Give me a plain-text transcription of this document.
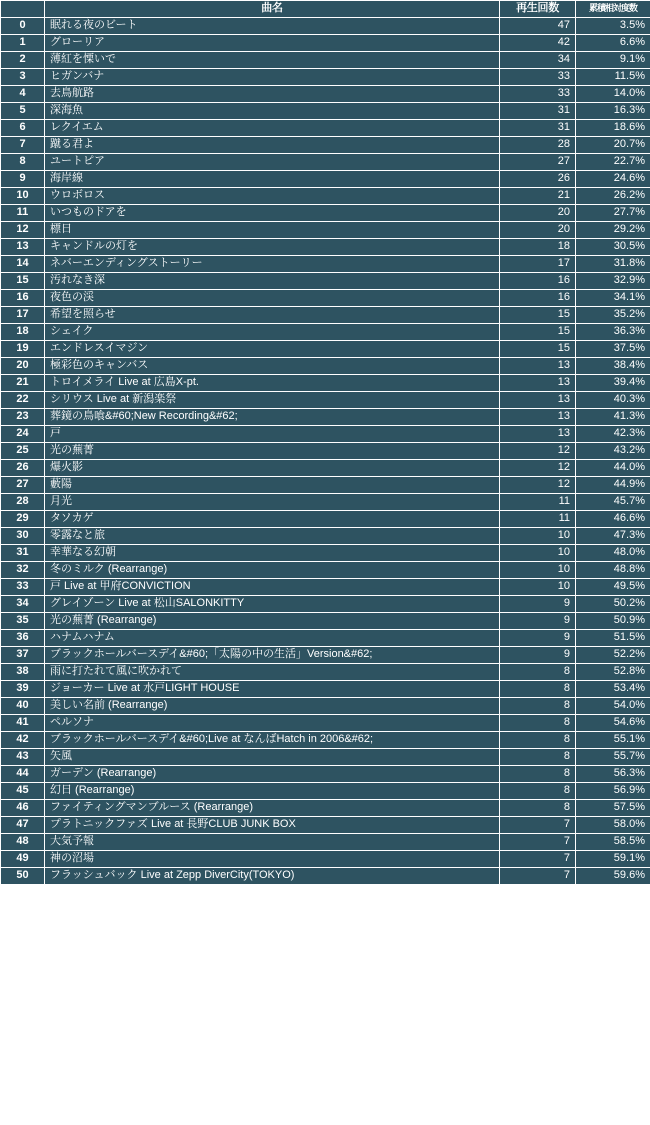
	曲名	再生回数	累積相対度数
0	眠れる夜のビート	47	3.5%
1	グローリア	42	6.6%
2	薄紅を慄いで	34	9.1%
3	ヒガンバナ	33	11.5%
4	去鳥航路	33	14.0%
5	深海魚	31	16.3%
6	レクイエム	31	18.6%
7	蹴る君よ	28	20.7%
8	ユートピア	27	22.7%
9	海岸線	26	24.6%
10	ウロボロス	21	26.2%
11	いつものドアを	20	27.7%
12	標日	20	29.2%
13	キャンドルの灯を	18	30.5%
14	ネバーエンディングストーリー	17	31.8%
15	汚れなき深	16	32.9%
16	夜色の渓	16	34.1%
17	希望を照らせ	15	35.2%
18	シェイク	15	36.3%
19	エンドレスイマジン	15	37.5%
20	極彩色のキャンバス	13	38.4%
21	トロイメライ Live at 広島X-pt.	13	39.4%
22	シリウス Live at 新潟楽祭	13	40.3%
23	葬鏡の鳥喰&#60;New Recording&#62;	13	41.3%
24	戸	13	42.3%
25	光の蕪菁	12	43.2%
26	爆火影	12	44.0%
27	藪陽	12	44.9%
28	月光	11	45.7%
29	タソカゲ	11	46.6%
30	零露なと旅	10	47.3%
31	幸華なる幻朝	10	48.0%
32	冬のミルク (Rearrange)	10	48.8%
33	戸 Live at 甲府CONVICTION	10	49.5%
34	グレイゾーン Live at 松山SALONKITTY	9	50.2%
35	光の蕪菁 (Rearrange)	9	50.9%
36	ハナムハナム	9	51.5%
37	ブラックホールバースデイ&#60;「太陽の中の生活」Version&#62;	9	52.2%
38	雨に打たれて風に吹かれて	8	52.8%
39	ジョーカー Live at 水戸LIGHT HOUSE	8	53.4%
40	美しい名前 (Rearrange)	8	54.0%
41	ペルソナ	8	54.6%
42	ブラックホールバースデイ&#60;Live at なんばHatch in 2006&#62;	8	55.1%
43	矢風	8	55.7%
44	ガーデン (Rearrange)	8	56.3%
45	幻日 (Rearrange)	8	56.9%
46	ファイティングマンブルース (Rearrange)	8	57.5%
47	プラトニックファズ Live at 長野CLUB JUNK BOX	7	58.0%
48	大気予報	7	58.5%
49	神の沼場	7	59.1%
50	フラッシュバック Live at Zepp DiverCity(TOKYO)	7	59.6%
